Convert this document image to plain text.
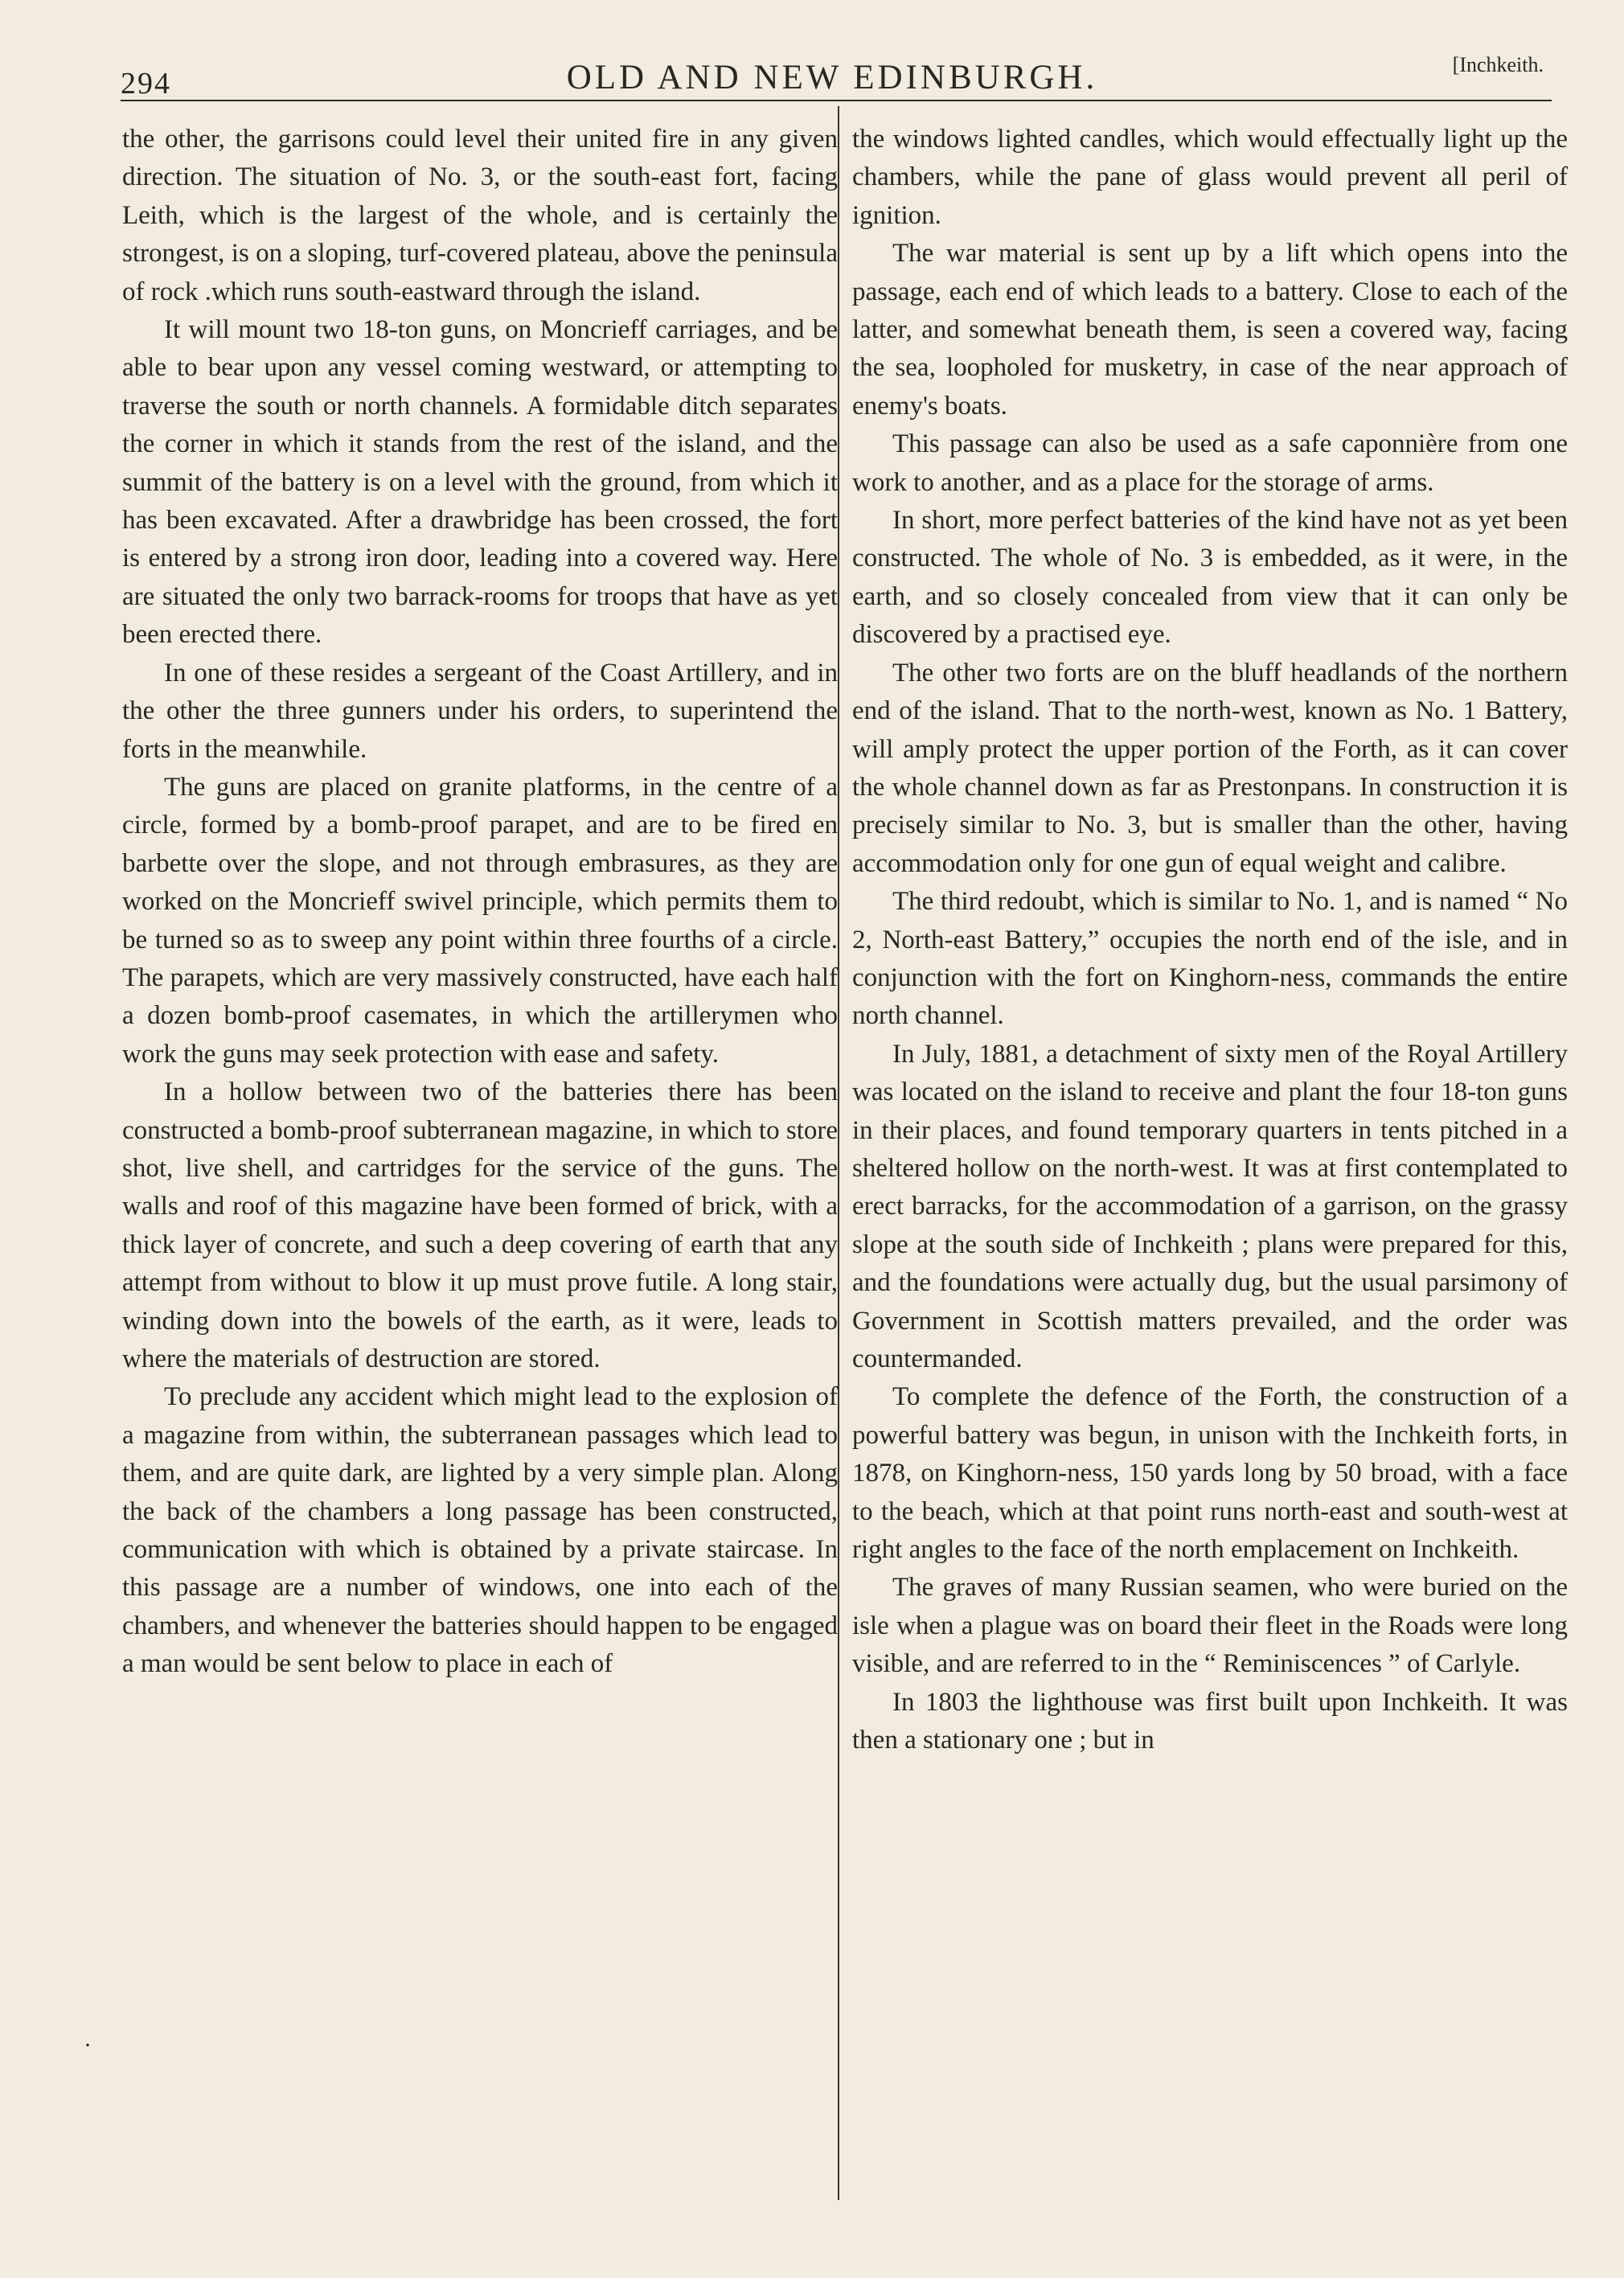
294	OLD AND NEW EDINBURGH.	[Inchkeith.

the other, the garrisons could level their united fire in any given direction. The situation of No. 3, or the south-east fort, facing Leith, which is the largest of the whole, and is certainly the strongest, is on a sloping, turf-covered plateau, above the peninsula of rock .which runs south-eastward through the island.

It will mount two 18-ton guns, on Moncrieff carriages, and be able to bear upon any vessel coming westward, or attempting to traverse the south or north channels. A formidable ditch separates the corner in which it stands from the rest of the island, and the summit of the battery is on a level with the ground, from which it has been excavated. After a drawbridge has been crossed, the fort is entered by a strong iron door, leading into a covered way. Here are situated the only two barrack-rooms for troops that have as yet been erected there.

In one of these resides a sergeant of the Coast Artillery, and in the other the three gunners under his orders, to superintend the forts in the meanwhile.

The guns are placed on granite platforms, in the centre of a circle, formed by a bomb-proof parapet, and are to be fired en barbette over the slope, and not through embrasures, as they are worked on the Moncrieff swivel principle, which permits them to be turned so as to sweep any point within three fourths of a circle. The parapets, which are very massively constructed, have each half a dozen bomb-proof casemates, in which the artillerymen who work the guns may seek protection with ease and safety.

In a hollow between two of the batteries there has been constructed a bomb-proof subterranean magazine, in which to store shot, live shell, and cartridges for the service of the guns. The walls and roof of this magazine have been formed of brick, with a thick layer of concrete, and such a deep covering of earth that any attempt from without to blow it up must prove futile. A long stair, winding down into the bowels of the earth, as it were, leads to where the materials of destruction are stored.

To preclude any accident which might lead to the explosion of a magazine from within, the subterranean passages which lead to them, and are quite dark, are lighted by a very simple plan. Along the back of the chambers a long passage has been constructed, communication with which is obtained by a private staircase. In this passage are a number of windows, one into each of the chambers, and whenever the batteries should happen to be engaged a man would be sent below to place in each of

the windows lighted candles, which would effectually light up the chambers, while the pane of glass would prevent all peril of ignition.

The war material is sent up by a lift which opens into the passage, each end of which leads to a battery. Close to each of the latter, and somewhat beneath them, is seen a covered way, facing the sea, loopholed for musketry, in case of the near approach of enemy's boats.

This passage can also be used as a safe caponnière from one work to another, and as a place for the storage of arms.

In short, more perfect batteries of the kind have not as yet been constructed. The whole of No. 3 is embedded, as it were, in the earth, and so closely concealed from view that it can only be discovered by a practised eye.

The other two forts are on the bluff headlands of the northern end of the island. That to the north-west, known as No. 1 Battery, will amply protect the upper portion of the Forth, as it can cover the whole channel down as far as Prestonpans. In construction it is precisely similar to No. 3, but is smaller than the other, having accommodation only for one gun of equal weight and calibre.

The third redoubt, which is similar to No. 1, and is named “ No 2, North-east Battery,” occupies the north end of the isle, and in conjunction with the fort on Kinghorn-ness, commands the entire north channel.

In July, 1881, a detachment of sixty men of the Royal Artillery was located on the island to receive and plant the four 18-ton guns in their places, and found temporary quarters in tents pitched in a sheltered hollow on the north-west. It was at first contemplated to erect barracks, for the accommodation of a garrison, on the grassy slope at the south side of Inchkeith ; plans were prepared for this, and the foundations were actually dug, but the usual parsimony of Government in Scottish matters prevailed, and the order was countermanded.

To complete the defence of the Forth, the construction of a powerful battery was begun, in unison with the Inchkeith forts, in 1878, on Kinghorn-ness, 150 yards long by 50 broad, with a face to the beach, which at that point runs north-east and south-west at right angles to the face of the north emplacement on Inchkeith.

The graves of many Russian seamen, who were buried on the isle when a plague was on board their fleet in the Roads were long visible, and are referred to in the “ Reminiscences ” of Carlyle.

In 1803 the lighthouse was first built upon Inchkeith. It was then a stationary one ; but in

·
